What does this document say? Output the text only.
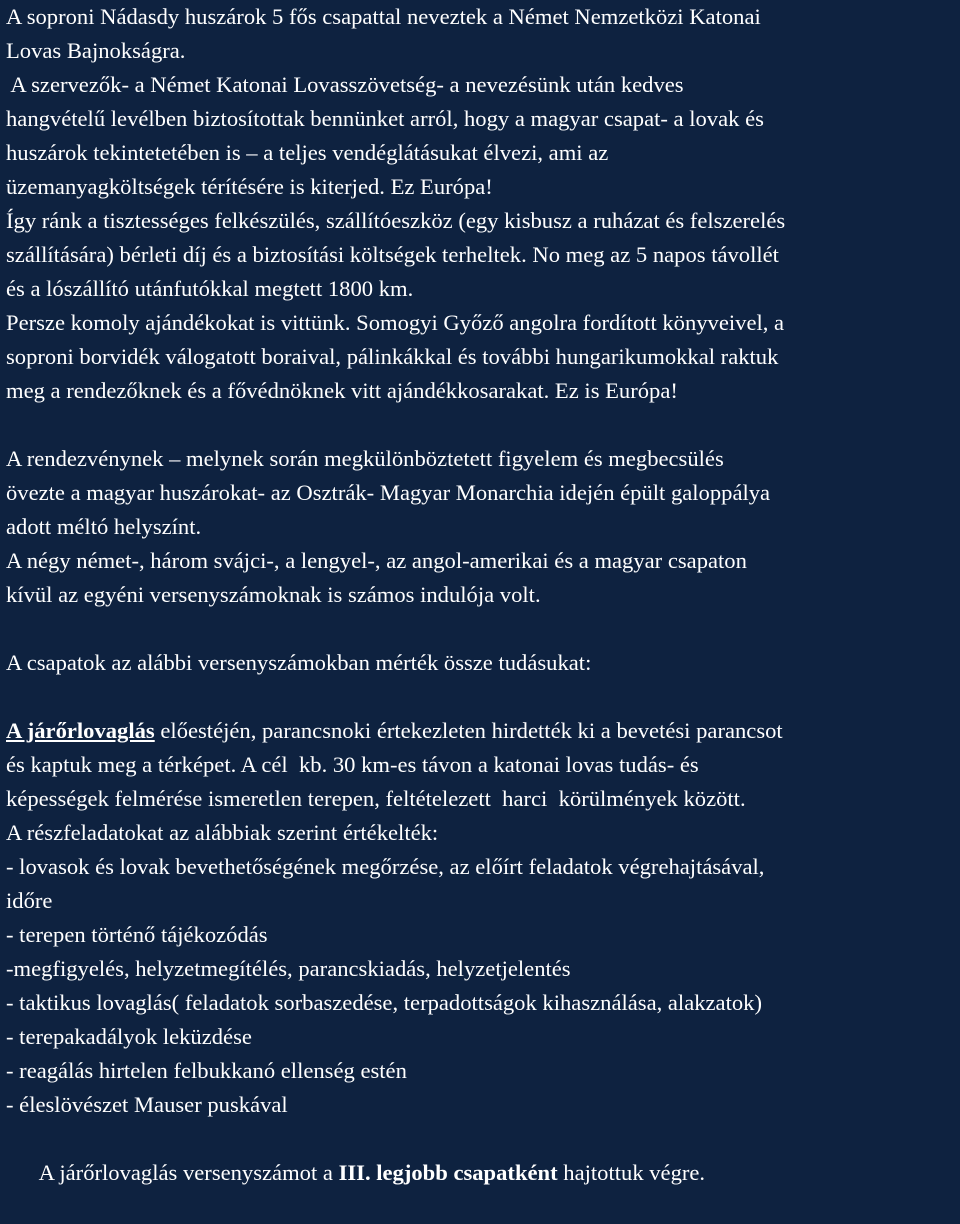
A soproni Nádasdy huszárok 5 fős csapattal neveztek a Német Nemzetközi Katonai
Lovas Bajnokságra.
A szervezők- a Német Katonai Lovasszövetség- a nevezésünk után kedves
hangvételű levélben biztosítottak bennünket arról, hogy a magyar csapat- a lovak és
huszárok tekintetetében is – a teljes vendéglátásukat élvezi, ami az
üzemanyagköltségek térítésére is kiterjed. Ez Európa!
Így ránk a tisztességes felkészülés, szállítóeszköz (egy kisbusz a ruházat és felszerelés
szállítására) bérleti díj és a biztosítási költségek terheltek. No meg az 5 napos távollét
és a lószállító utánfutókkal megtett 1800 km.
Persze komoly ajándékokat is vittünk. Somogyi Győző angolra fordított könyveivel, a
soproni borvidék válogatott boraival, pálinkákkal és további hungarikumokkal raktuk
meg a rendezőknek és a fővédnöknek vitt ajándékkosarakat. Ez is Európa!
A rendezvénynek – melynek során megkülönböztetett figyelem és megbecsülés
övezte a magyar huszárokat- az Osztrák- Magyar Monarchia idején épült galoppálya
adott méltó helyszínt.
A négy német-, három svájci-, a lengyel-, az angol-amerikai és a magyar csapaton
kívül az egyéni versenyszámoknak is számos indulója volt.
A csapatok az alábbi versenyszámokban mérték össze tudásukat:
A járőrlovaglás előestéjén, parancsnoki értekezleten hirdették ki a bevetési parancsot
és kaptuk meg a térképet. A cél  kb. 30 km-es távon a katonai lovas tudás- és
képességek felmérése ismeretlen terepen, feltételezett  harci  körülmények között.
A részfeladatokat az alábbiak szerint értékelték:
- lovasok és lovak bevethetőségének megőrzése, az előírt feladatok végrehajtásával,
időre
- terepen történő tájékozódás
-megfigyelés, helyzetmegítélés, parancskiadás, helyzetjelentés
- taktikus lovaglás( feladatok sorbaszedése, terpadottságok kihasználása, alakzatok)
- terepakadályok leküzdése
- reagálás hirtelen felbukkanó ellenség estén
- éleslövészet Mauser puskával

A járőrlovaglás versenyszámot a III. legjobb csapatként hajtottuk végre.
